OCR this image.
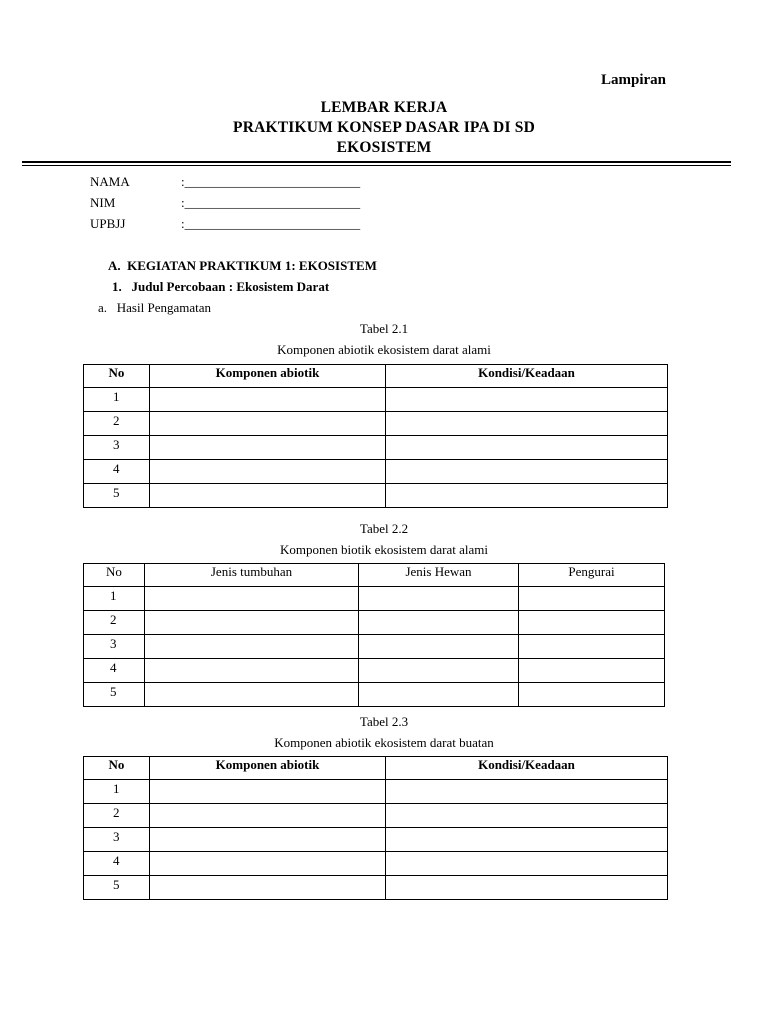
Lampiran
LEMBAR KERJA
PRAKTIKUM KONSEP DASAR IPA DI SD
EKOSISTEM
NAMA	:___________________________
NIM	:___________________________
UPBJJ	:___________________________
A.  KEGIATAN PRAKTIKUM 1: EKOSISTEM
1.   Judul Percobaan : Ekosistem Darat
a.   Hasil Pengamatan
Tabel 2.1
Komponen abiotik ekosistem darat alami
No	Komponen abiotik	Kondisi/Keadaan
1		
2		
3		
4		
5		
Tabel 2.2
Komponen biotik ekosistem darat alami
No	Jenis tumbuhan	Jenis Hewan	Pengurai
1			
2			
3			
4			
5			
Tabel 2.3
Komponen abiotik ekosistem darat buatan
No	Komponen abiotik	Kondisi/Keadaan
1		
2		
3		
4		
5		
